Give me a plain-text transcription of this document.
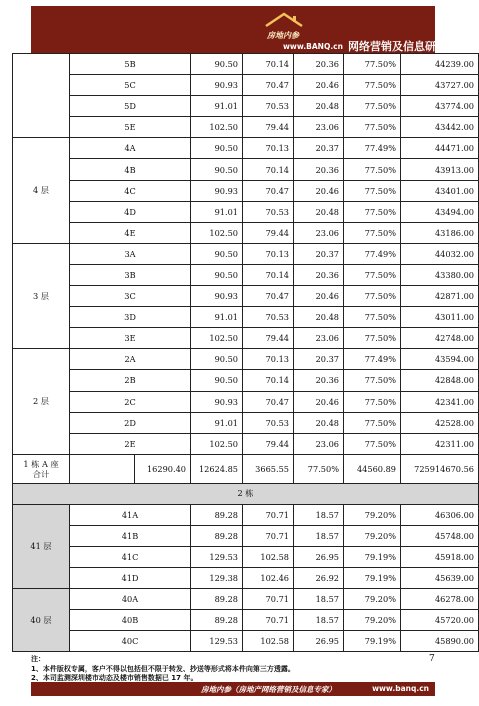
房地内参
www.BANQ.cn 网络营销及信息研究专家
	5B		90.50	70.14	20.36	77.50%	44239.00	
	5C		90.93	70.47	20.46	77.50%	43727.00	
	5D		91.01	70.53	20.48	77.50%	43774.00	
	5E		102.50	79.44	23.06	77.50%	43442.00	
4 层	4A		90.50	70.13	20.37	77.49%	44471.00	
	4B		90.50	70.14	20.36	77.50%	43913.00	
	4C		90.93	70.47	20.46	77.50%	43401.00	
	4D		91.01	70.53	20.48	77.50%	43494.00	
	4E		102.50	79.44	23.06	77.50%	43186.00	
3 层	3A		90.50	70.13	20.37	77.49%	44032.00	
	3B		90.50	70.14	20.36	77.50%	43380.00	
	3C		90.93	70.47	20.46	77.50%	42871.00	
	3D		91.01	70.53	20.48	77.50%	43011.00	
	3E		102.50	79.44	23.06	77.50%	42748.00	
2 层	2A		90.50	70.13	20.37	77.49%	43594.00	
	2B		90.50	70.14	20.36	77.50%	42848.00	
	2C		90.93	70.47	20.46	77.50%	42341.00	
	2D		91.01	70.53	20.48	77.50%	42528.00	
	2E		102.50	79.44	23.06	77.50%	42311.00	

1 栋 A 座
合计		16290.40	12624.85	3665.55	77.50%	44560.89	725914670.56	
2 栋								
41 层	41A		89.28	70.71	18.57	79.20%	46306.00	
	41B		89.28	70.71	18.57	79.20%	45748.00	
	41C		129.53	102.58	26.95	79.19%	45918.00	
	41D		129.38	102.46	26.92	79.19%	45639.00	
40 层	40A		89.28	70.71	18.57	79.20%	46278.00	
	40B		89.28	70.71	18.57	79.20%	45720.00	
	40C		129.53	102.58	26.95	79.19%	45890.00	
注：
1、本件版权专属，客户不得以包括但不限于转发、抄送等形式将本件向第三方透露。
2、本司监测深圳楼市动态及楼市销售数据已 17 年。
7
房地内参（房地产网络营销及信息专家）	www.banq.cn
